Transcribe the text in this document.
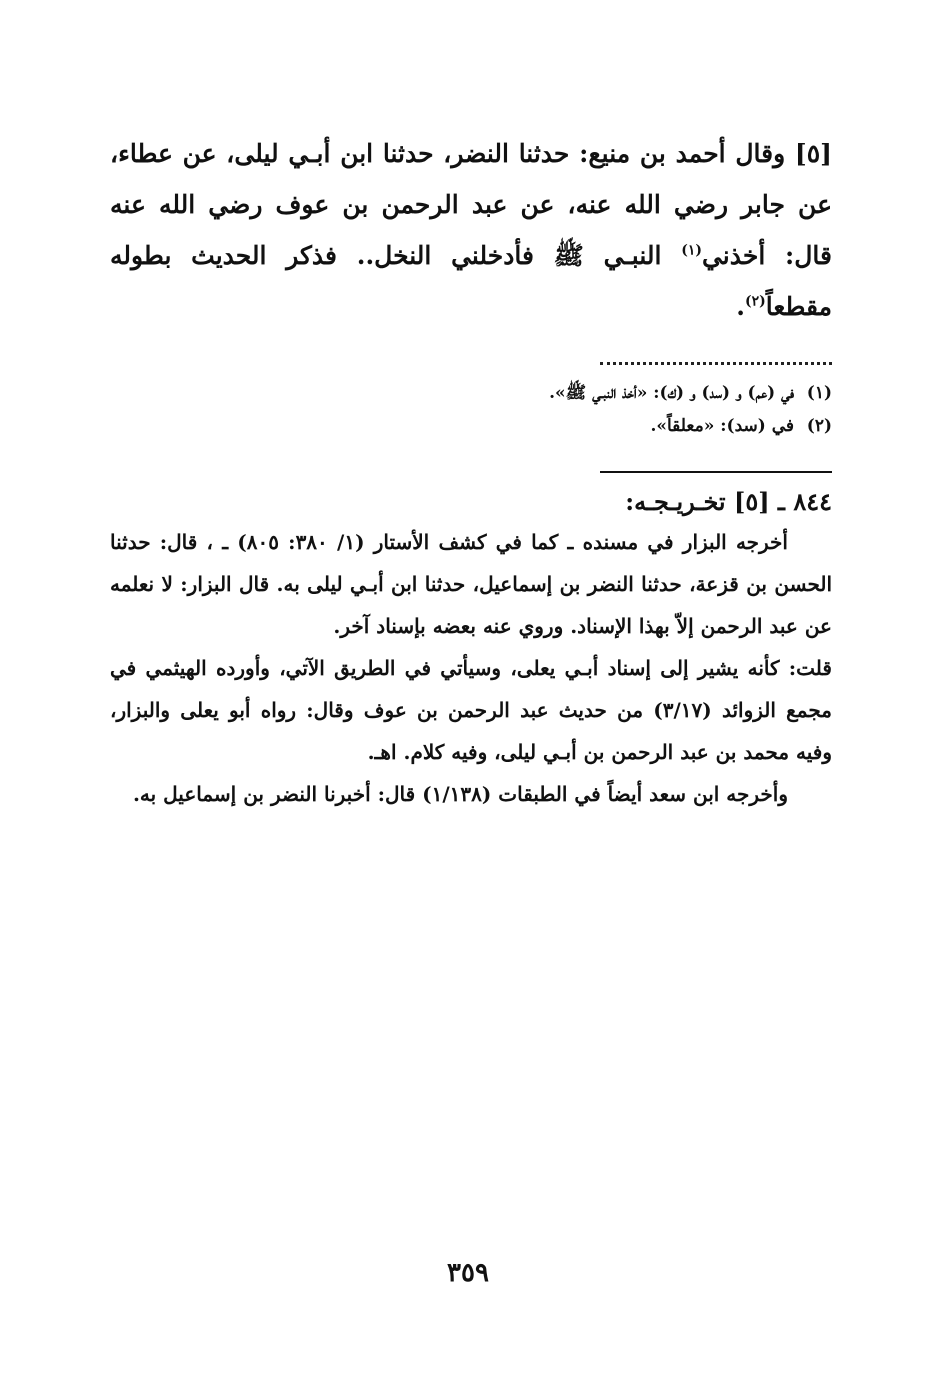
[٥] وقال أحمد بن منيع: حدثنا النضر، حدثنا ابن أبـي ليلى، عن عطاء، عن جابر رضي الله عنه، عن عبد الرحمن بن عوف رضي الله عنه قال: أخذني$^{(١)}$ النبـي ﷺ فأدخلني النخل.. فذكر الحديث بطوله مقطعاً$^{(٢)}$.

(١)في (عم) و (سد) و (ك): «أخذ النبـي ﷺ».
(٢)في (سد): «معلقاً».
٨٤٤ ـ [٥] تخـريـجـه:

أخرجه البزار في مسنده ـ كما في كشف الأستار (١/ ٣٨٠: ٨٠٥) ـ ، قال: حدثنا الحسن بن قزعة، حدثنا النضر بن إسماعيل، حدثنا ابن أبـي ليلى به. قال البزار: لا نعلمه عن عبد الرحمن إلاّ بهذا الإسناد. وروي عنه بعضه بإسناد آخر.

قلت: كأنه يشير إلى إسناد أبـي يعلى، وسيأتي في الطريق الآتي، وأورده الهيثمي في مجمع الزوائد (٣/١٧) من حديث عبد الرحمن بن عوف وقال: رواه أبو يعلى والبزار، وفيه محمد بن عبد الرحمن بن أبـي ليلى، وفيه كلام. اهـ.

وأخرجه ابن سعد أيضاً في الطبقات (١/١٣٨) قال: أخبرنا النضر بن إسماعيل به.

٣٥٩
